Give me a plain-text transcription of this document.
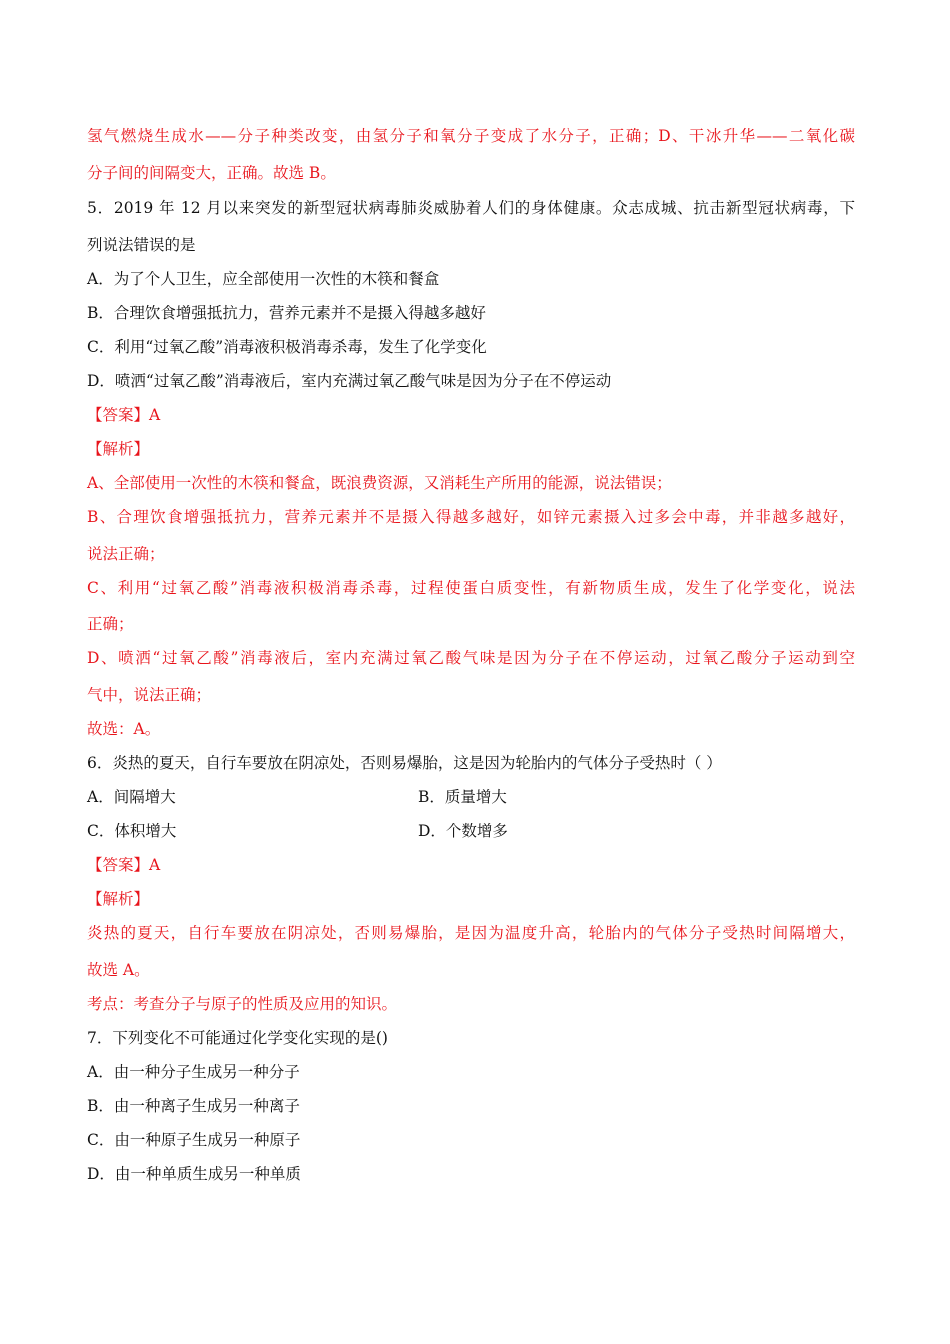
氢气燃烧生成水——分子种类改变，由氢分子和氧分子变成了水分子，正确；D、干冰升华——二氧化碳
分子间的间隔变大，正确。故选 B。
5．2019 年 12 月以来突发的新型冠状病毒肺炎威胁着人们的身体健康。众志成城、抗击新型冠状病毒，下
列说法错误的是
A．为了个人卫生，应全部使用一次性的木筷和餐盒
B．合理饮食增强抵抗力，营养元素并不是摄入得越多越好
C．利用“过氧乙酸”消毒液积极消毒杀毒，发生了化学变化
D．喷洒“过氧乙酸”消毒液后，室内充满过氧乙酸气味是因为分子在不停运动
【答案】A
【解析】
A、全部使用一次性的木筷和餐盒，既浪费资源，又消耗生产所用的能源，说法错误；
B、合理饮食增强抵抗力，营养元素并不是摄入得越多越好，如锌元素摄入过多会中毒，并非越多越好，
说法正确；
C、利用“过氧乙酸”消毒液积极消毒杀毒，过程使蛋白质变性，有新物质生成，发生了化学变化，说法
正确；
D、喷洒“过氧乙酸”消毒液后，室内充满过氧乙酸气味是因为分子在不停运动，过氧乙酸分子运动到空
气中，说法正确；
故选：A。
6．炎热的夏天，自行车要放在阴凉处，否则易爆胎，这是因为轮胎内的气体分子受热时（ ）
A．间隔增大	B．质量增大
C．体积增大	D．个数增多
【答案】A
【解析】
炎热的夏天，自行车要放在阴凉处，否则易爆胎，是因为温度升高，轮胎内的气体分子受热时间隔增大，
故选 A。
考点：考查分子与原子的性质及应用的知识。
7．下列变化不可能通过化学变化实现的是()
A．由一种分子生成另一种分子
B．由一种离子生成另一种离子
C．由一种原子生成另一种原子
D．由一种单质生成另一种单质
